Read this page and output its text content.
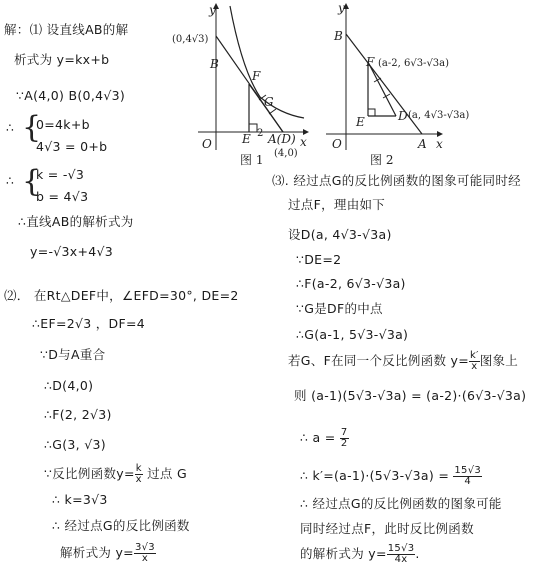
解：⑴ 设直线AB的解
析式为 y=kx+b
∵A(4,0) B(0,4√3)
{
∴ 0=4k+b
4√3 = 0+b
{
∴ k = -√3
b = 4√3
∴直线AB的解析式为
y=-√3x+4√3
⑵． 在Rt△DEF中，∠EFD=30°, DE=2
∴EF=2√3 ，DF=4
∵D与A重合
∴D(4,0)
∴F(2, 2√3)
∴G(3, √3)
∵反比例函数$y= \frac{k}{x}$ 过点 G
∴ k=3√3
∴ 经过点G的反比例函数
解析式为 $y= \frac{3√3}{x}$
y
(0,4√3)
B
F
G
E 2 A(D)
(4,0)
O	x
图 1
y
B
F (a-2, 6√3-√3a)
E	D (a, 4√3-√3a)
A
O	x
图 2
⑶. 经过点G的反比例函数的图象可能同时经
过点F，理由如下
设D(a, 4√3-√3a)
∵DE=2
∴F(a-2, 6√3-√3a)
∵G是DF的中点
∴G(a-1, 5√3-√3a)
若G、F在同一个反比例函数 $y= \frac{k'}{x}$ 图象上
则 (a-1)(5√3-√3a) = (a-2)·(6√3-√3a)
∴ $a = \frac{7}{2}$
∴ $k'=(a-1)\cdot(5√3-√3a) = \frac{15√3}{4}$
∴ 经过点G的反比例函数的图象可能
同时经过点F，此时反比例函数
的解析式为 $y= \frac{15√3}{4x}$ .
